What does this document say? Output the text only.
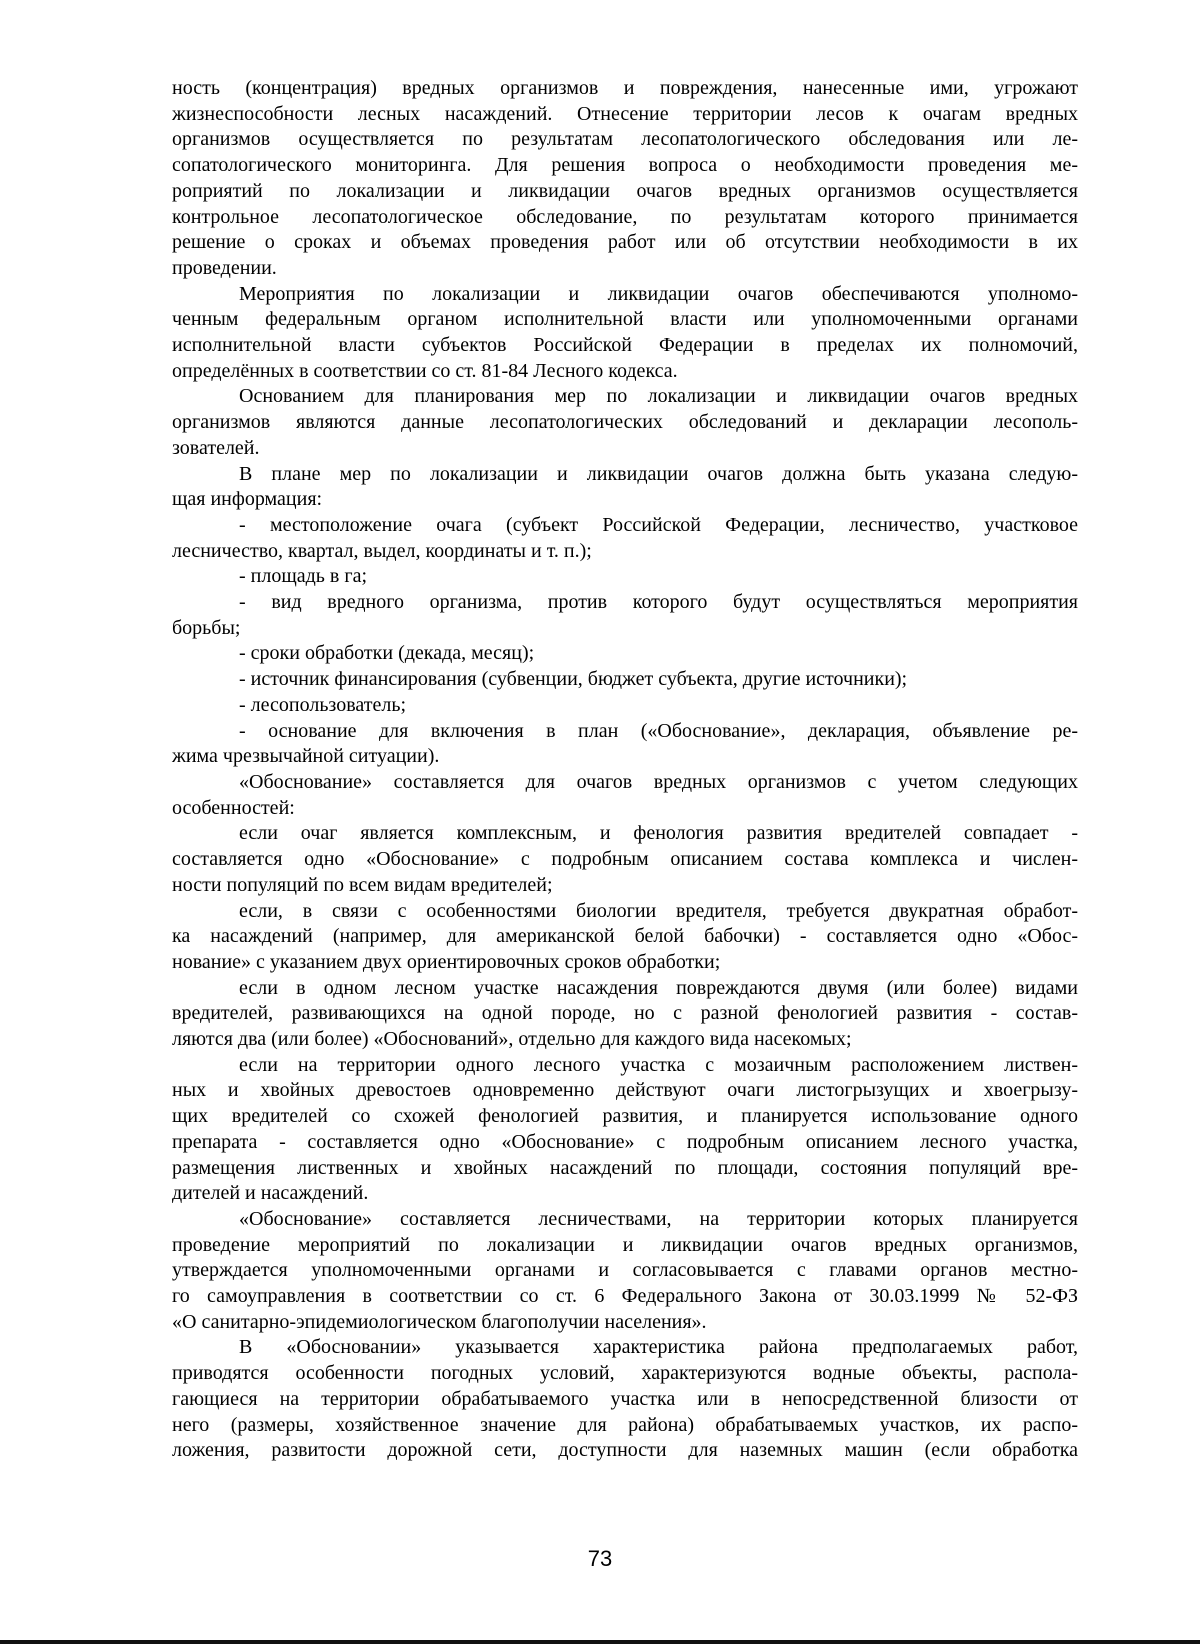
ность (концентрация) вредных организмов и повреждения, нанесенные ими, угрожают
жизнеспособности лесных насаждений. Отнесение территории лесов к очагам вредных
организмов осуществляется по результатам лесопатологического обследования или ле-
сопатологического мониторинга. Для решения вопроса о необходимости проведения ме-
роприятий по локализации и ликвидации очагов вредных организмов осуществляется
контрольное лесопатологическое обследование, по результатам которого принимается
решение о сроках и объемах проведения работ или об отсутствии необходимости в их
проведении.

Мероприятия по локализации и ликвидации очагов обеспечиваются уполномо-
ченным федеральным органом исполнительной власти или уполномоченными органами
исполнительной власти субъектов Российской Федерации в пределах их полномочий,
определённых в соответствии со ст. 81-84 Лесного кодекса.

Основанием для планирования мер по локализации и ликвидации очагов вредных
организмов являются данные лесопатологических обследований и декларации лесополь-
зователей.

В плане мер по локализации и ликвидации очагов должна быть указана следую-
щая информация:

- местоположение очага (субъект Российской Федерации, лесничество, участковое
лесничество, квартал, выдел, координаты и т. п.);

- площадь в га;

- вид вредного организма, против которого будут осуществляться мероприятия
борьбы;

- сроки обработки (декада, месяц);

- источник финансирования (субвенции, бюджет субъекта, другие источники);

- лесопользователь;

- основание для включения в план («Обоснование», декларация, объявление ре-
жима чрезвычайной ситуации).

«Обоснование» составляется для очагов вредных организмов с учетом следующих
особенностей:

если очаг является комплексным, и фенология развития вредителей совпадает -
составляется одно «Обоснование» с подробным описанием состава комплекса и числен-
ности популяций по всем видам вредителей;

если, в связи с особенностями биологии вредителя, требуется двукратная обработ-
ка насаждений (например, для американской белой бабочки) - составляется одно «Обос-
нование» с указанием двух ориентировочных сроков обработки;

если в одном лесном участке насаждения повреждаются двумя (или более) видами
вредителей, развивающихся на одной породе, но с разной фенологией развития - состав-
ляются два (или более) «Обоснований», отдельно для каждого вида насекомых;

если на территории одного лесного участка с мозаичным расположением листвен-
ных и хвойных древостоев одновременно действуют очаги листогрызущих и хвоегрызу-
щих вредителей со схожей фенологией развития, и планируется использование одного
препарата - составляется одно «Обоснование» с подробным описанием лесного участка,
размещения лиственных и хвойных насаждений по площади, состояния популяций вре-
дителей и насаждений.

«Обоснование» составляется лесничествами, на территории которых планируется
проведение мероприятий по локализации и ликвидации очагов вредных организмов,
утверждается уполномоченными органами и согласовывается с главами органов местно-
го самоуправления в соответствии со ст. 6 Федерального Закона от 30.03.1999 № 52-ФЗ
«О санитарно-эпидемиологическом благополучии населения».

В «Обосновании» указывается характеристика района предполагаемых работ,
приводятся особенности погодных условий, характеризуются водные объекты, распола-
гающиеся на территории обрабатываемого участка или в непосредственной близости от
него (размеры, хозяйственное значение для района) обрабатываемых участков, их распо-
ложения, развитости дорожной сети, доступности для наземных машин (если обработка

73
